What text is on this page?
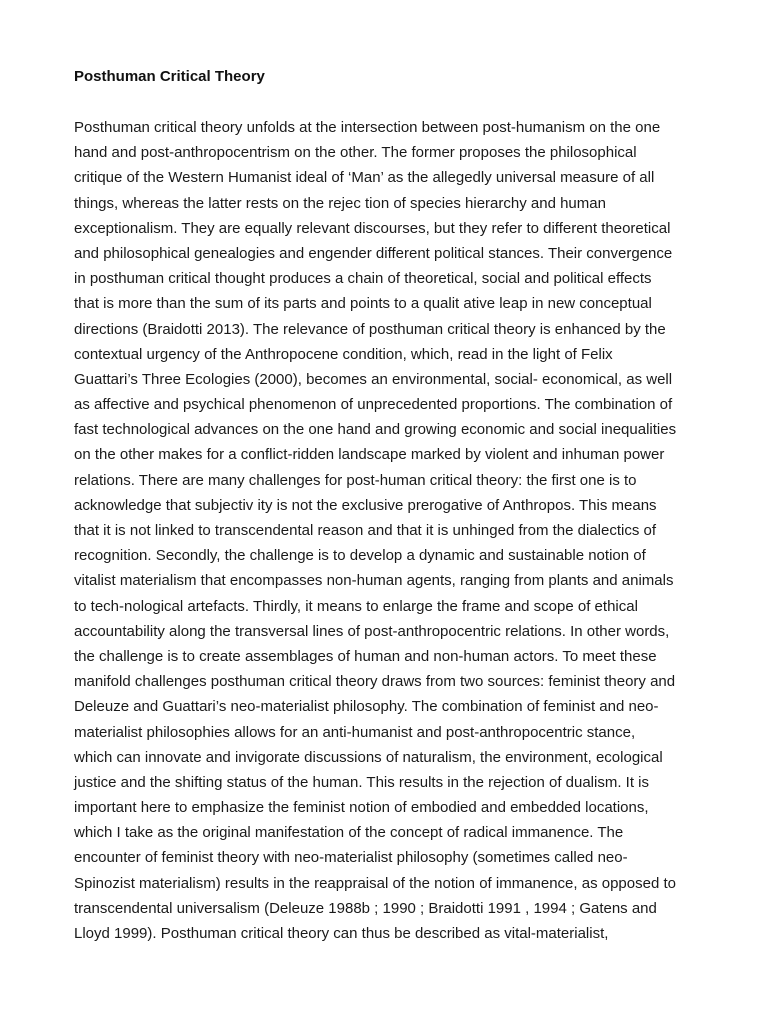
Posthuman Critical Theory
Posthuman critical theory unfolds at the intersection between post-humanism on the one
hand and post-anthropocentrism on the other. The former proposes the philosophical
critique of the Western Humanist ideal of ‘Man’ as the allegedly universal measure of all
things, whereas the latter rests on the rejec tion of species hierarchy and human
exceptionalism. They are equally relevant discourses, but they refer to different theoretical
and philosophical genealogies and engender different political stances. Their convergence
in posthuman critical thought produces a chain of theoretical, social and political effects
that is more than the sum of its parts and points to a qualit ative leap in new conceptual
directions (Braidotti 2013). The relevance of posthuman critical theory is enhanced by the
contextual urgency of the Anthropocene condition, which, read in the light of Felix
Guattari’s Three Ecologies (2000), becomes an environmental, social- economical, as well
as affective and psychical phenomenon of unprecedented proportions. The combination of
fast technological advances on the one hand and growing economic and social inequalities
on the other makes for a conflict-ridden landscape marked by violent and inhuman power
relations. There are many challenges for post-human critical theory: the first one is to
acknowledge that subjectiv ity is not the exclusive prerogative of Anthropos. This means
that it is not linked to transcendental reason and that it is unhinged from the dialectics of
recognition. Secondly, the challenge is to develop a dynamic and sustainable notion of
vitalist materialism that encompasses non-human agents, ranging from plants and animals
to tech-nological artefacts. Thirdly, it means to enlarge the frame and scope of ethical
accountability along the transversal lines of post-anthropocentric relations. In other words,
the challenge is to create assemblages of human and non-human actors. To meet these
manifold challenges posthuman critical theory draws from two sources: feminist theory and
Deleuze and Guattari’s neo-materialist philosophy. The combination of feminist and neo-
materialist philosophies allows for an anti-humanist and post-anthropocentric stance,
which can innovate and invigorate discussions of naturalism, the environment, ecological
justice and the shifting status of the human. This results in the rejection of dualism. It is
important here to emphasize the feminist notion of embodied and embedded locations,
which I take as the original manifestation of the concept of radical immanence. The
encounter of feminist theory with neo-materialist philosophy (sometimes called neo-
Spinozist materialism) results in the reappraisal of the notion of immanence, as opposed to
transcendental universalism (Deleuze 1988b ; 1990 ; Braidotti 1991 , 1994 ; Gatens and
Lloyd 1999). Posthuman critical theory can thus be described as vital-materialist,
